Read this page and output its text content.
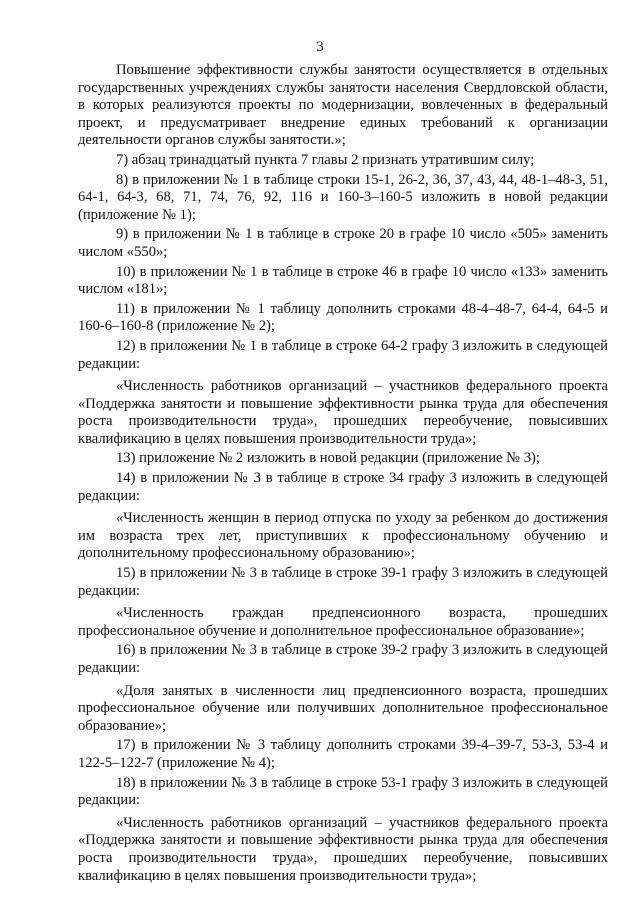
3

Повышение эффективности службы занятости осуществляется в отдельных государственных учреждениях службы занятости населения Свердловской области, в которых реализуются проекты по модернизации, вовлеченных в федеральный проект, и предусматривает внедрение единых требований к организации деятельности органов службы занятости.»;

7) абзац тринадцатый пункта 7 главы 2 признать утратившим силу;

8) в приложении № 1 в таблице строки 15-1, 26-2, 36, 37, 43, 44, 48-1–48-3, 51, 64-1, 64-3, 68, 71, 74, 76, 92, 116 и 160-3–160-5 изложить в новой редакции (приложение № 1);

9) в приложении № 1 в таблице в строке 20 в графе 10 число «505» заменить числом «550»;

10) в приложении № 1 в таблице в строке 46 в графе 10 число «133» заменить числом «181»;

11) в приложении № 1 таблицу дополнить строками 48-4–48-7, 64-4, 64-5 и 160-6–160-8 (приложение № 2);

12) в приложении № 1 в таблице в строке 64-2 графу 3 изложить в следующей редакции:

«Численность работников организаций – участников федерального проекта «Поддержка занятости и повышение эффективности рынка труда для обеспечения роста производительности труда», прошедших переобучение, повысивших квалификацию в целях повышения производительности труда»;

13) приложение № 2 изложить в новой редакции (приложение № 3);

14) в приложении № 3 в таблице в строке 34 графу 3 изложить в следующей редакции:

«Численность женщин в период отпуска по уходу за ребенком до достижения им возраста трех лет, приступивших к профессиональному обучению и дополнительному профессиональному образованию»;

15) в приложении № 3 в таблице в строке 39-1 графу 3 изложить в следующей редакции:

«Численность граждан предпенсионного возраста, прошедших профессиональное обучение и дополнительное профессиональное образование»;

16) в приложении № 3 в таблице в строке 39-2 графу 3 изложить в следующей редакции:

«Доля занятых в численности лиц предпенсионного возраста, прошедших профессиональное обучение или получивших дополнительное профессиональное образование»;

17) в приложении № 3 таблицу дополнить строками 39-4–39-7, 53-3, 53-4 и 122-5–122-7 (приложение № 4);

18) в приложении № 3 в таблице в строке 53-1 графу 3 изложить в следующей редакции:

«Численность работников организаций – участников федерального проекта «Поддержка занятости и повышение эффективности рынка труда для обеспечения роста производительности труда», прошедших переобучение, повысивших квалификацию в целях повышения производительности труда»;
